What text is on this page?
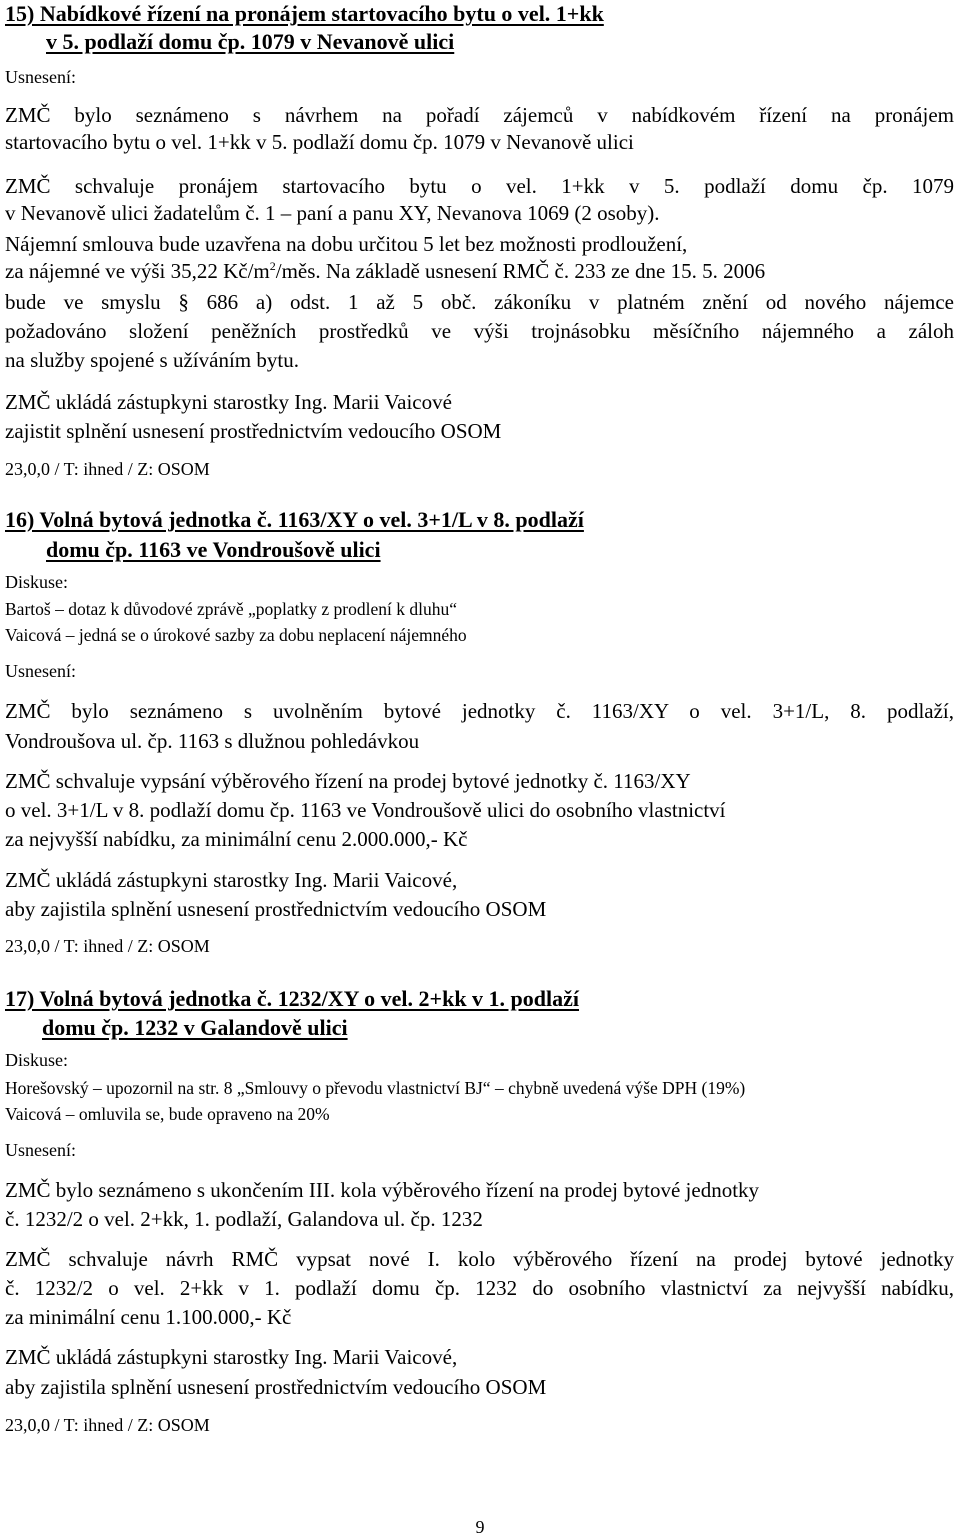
15) Nabídkové řízení na pronájem startovacího bytu o vel. 1+kk
v 5. podlaží domu čp. 1079 v Nevanově ulici
Usnesení:
ZMČ bylo seznámeno s návrhem na pořadí zájemců v nabídkovém řízení na pronájem
startovacího bytu o vel. 1+kk v 5. podlaží domu čp. 1079 v Nevanově ulici
ZMČ schvaluje pronájem startovacího bytu o vel. 1+kk v 5. podlaží domu čp. 1079
v Nevanově ulici žadatelům č. 1 – paní a panu XY, Nevanova 1069 (2 osoby).
Nájemní smlouva bude uzavřena na dobu určitou 5 let bez možnosti prodloužení,
za nájemné ve výši 35,22 $Kč/m^2$/měs. Na základě usnesení RMČ č. 233 ze dne 15. 5. 2006
bude ve smyslu § 686 a) odst. 1 až 5 obč. zákoníku v platném znění od nového nájemce
požadováno složení peněžních prostředků ve výši trojnásobku měsíčního nájemného a záloh
na služby spojené s užíváním bytu.
ZMČ ukládá zástupkyni starostky Ing. Marii Vaicové
zajistit splnění usnesení prostřednictvím vedoucího OSOM
23,0,0 / T: ihned / Z: OSOM
16) Volná bytová jednotka č. 1163/XY o vel. 3+1/L v 8. podlaží
domu čp. 1163 ve Vondroušově ulici
Diskuse:
Bartoš – dotaz k důvodové zprávě „poplatky z prodlení k dluhu“
Vaicová – jedná se o úrokové sazby za dobu neplacení nájemného
Usnesení:
ZMČ bylo seznámeno s uvolněním bytové jednotky č. 1163/XY o vel. 3+1/L, 8. podlaží,
Vondroušova ul. čp. 1163 s dlužnou pohledávkou
ZMČ schvaluje vypsání výběrového řízení na prodej bytové jednotky č. 1163/XY
o vel. 3+1/L v 8. podlaží domu čp. 1163 ve Vondroušově ulici do osobního vlastnictví
za nejvyšší nabídku, za minimální cenu 2.000.000,- Kč
ZMČ ukládá zástupkyni starostky Ing. Marii Vaicové,
aby zajistila splnění usnesení prostřednictvím vedoucího OSOM
23,0,0 / T: ihned / Z: OSOM
17) Volná bytová jednotka č. 1232/XY o vel. 2+kk v 1. podlaží
domu čp. 1232 v Galandově ulici
Diskuse:
Horešovský – upozornil na str. 8 „Smlouvy o převodu vlastnictví BJ“ – chybně uvedená výše DPH (19%)
Vaicová – omluvila se, bude opraveno na 20%
Usnesení:
ZMČ bylo seznámeno s ukončením III. kola výběrového řízení na prodej bytové jednotky
č. 1232/2 o vel. 2+kk, 1. podlaží, Galandova ul. čp. 1232
ZMČ schvaluje návrh RMČ vypsat nové I. kolo výběrového řízení na prodej bytové jednotky
č. 1232/2 o vel. 2+kk v 1. podlaží domu čp. 1232 do osobního vlastnictví za nejvyšší nabídku,
za minimální cenu 1.100.000,- Kč
ZMČ ukládá zástupkyni starostky Ing. Marii Vaicové,
aby zajistila splnění usnesení prostřednictvím vedoucího OSOM
23,0,0 / T: ihned / Z: OSOM
9
